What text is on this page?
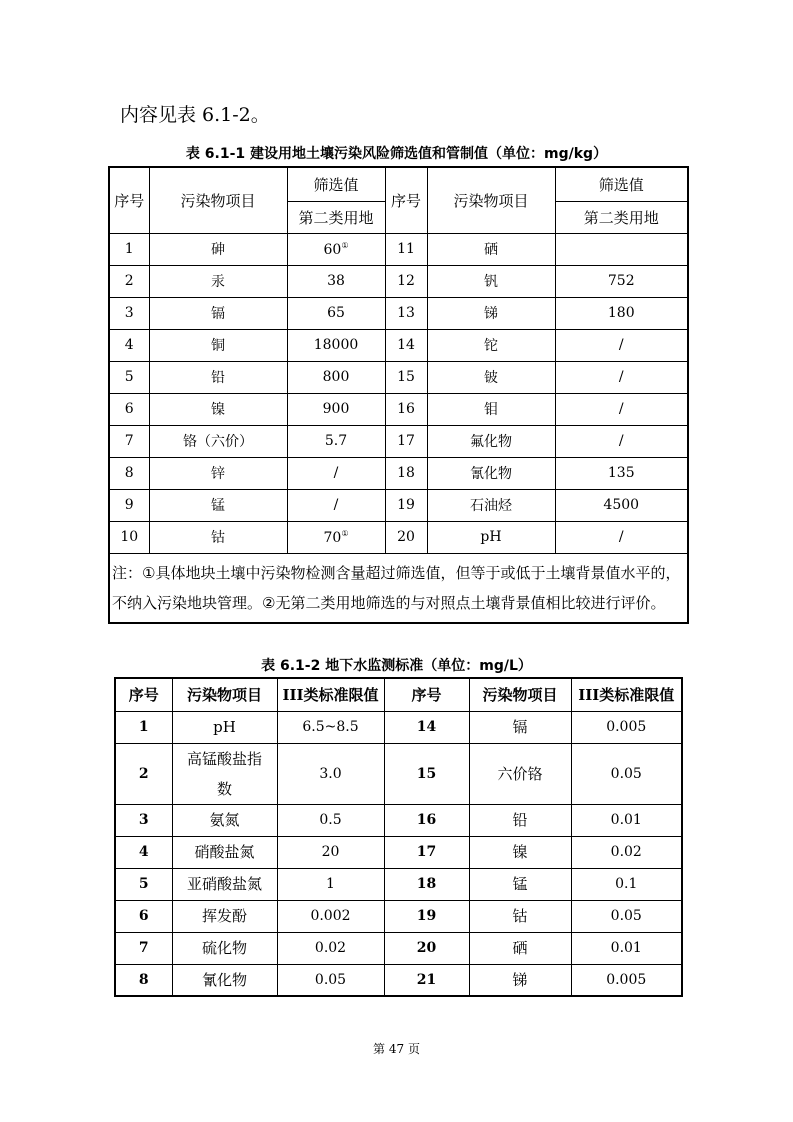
内容见表 6.1-2。
表 6.1-1 建设用地土壤污染风险筛选值和管制值（单位：mg/kg）
序号	污染物项目	筛选值	序号	污染物项目	筛选值
		第二类用地			第二类用地
1	砷	60①	11	硒	
2	汞	38	12	钒	752
3	镉	65	13	锑	180
4	铜	18000	14	铊	/
5	铅	800	15	铍	/
6	镍	900	16	钼	/
7	铬（六价）	5.7	17	氟化物	/
8	锌	/	18	氰化物	135
9	锰	/	19	石油烃	4500
10	钴	70①	20	pH	/
注：①具体地块土壤中污染物检测含量超过筛选值，但等于或低于土壤背景值水平的，不纳入污染地块管理。②无第二类用地筛选的与对照点土壤背景值相比较进行评价。					
表 6.1-2 地下水监测标准（单位：mg/L）
序号	污染物项目	III类标准限值	序号	污染物项目	III类标准限值
1	pH	6.5~8.5	14	镉	0.005
2	高锰酸盐指数	3.0	15	六价铬	0.05
3	氨氮	0.5	16	铅	0.01
4	硝酸盐氮	20	17	镍	0.02
5	亚硝酸盐氮	1	18	锰	0.1
6	挥发酚	0.002	19	钴	0.05
7	硫化物	0.02	20	硒	0.01
8	氰化物	0.05	21	锑	0.005
第 47 页
